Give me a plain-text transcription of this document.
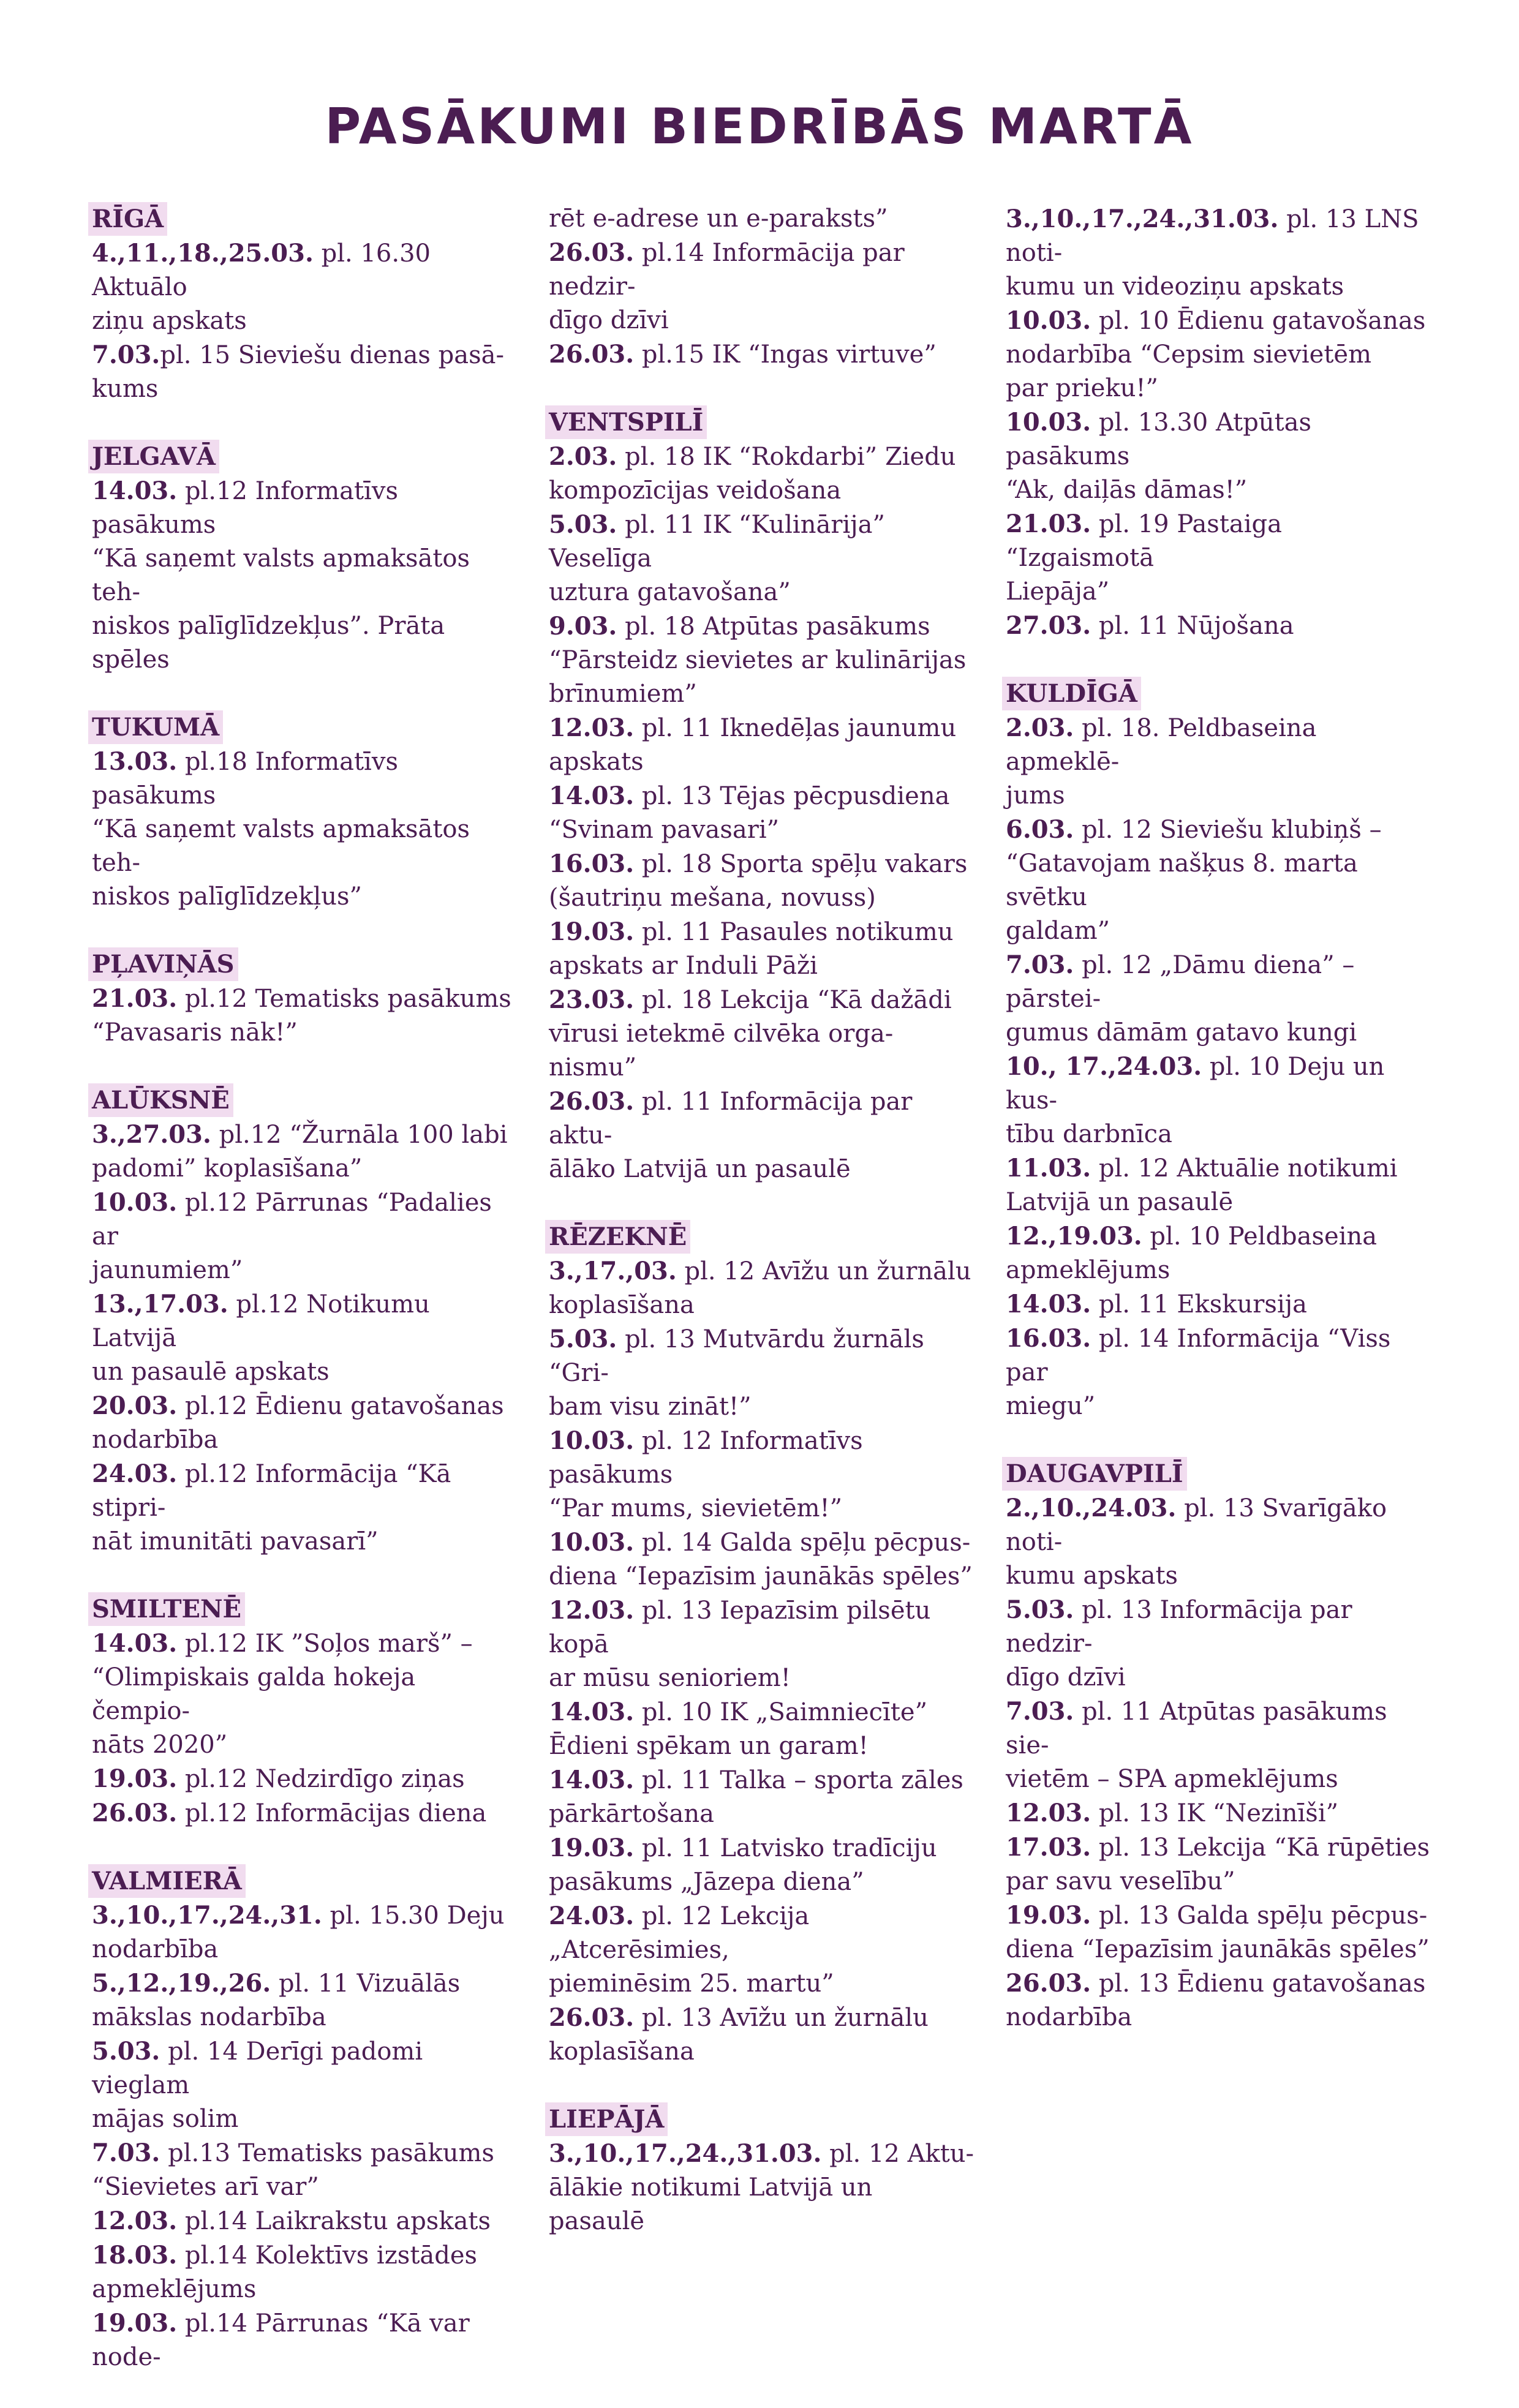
PASĀKUMI BIEDRĪBĀS MARTĀ
RĪGĀ
4.,11.,18.,25.03. pl. 16.30 Aktuālo
ziņu apskats
7.03.pl. 15 Sieviešu dienas pasā-
kums
JELGAVĀ
14.03. pl.12 Informatīvs pasākums
“Kā saņemt valsts apmaksātos teh-
niskos palīglīdzekļus”. Prāta spēles
TUKUMĀ
13.03. pl.18 Informatīvs pasākums
“Kā saņemt valsts apmaksātos teh-
niskos palīglīdzekļus”
PĻAVIŅĀS
21.03. pl.12 Tematisks pasākums
“Pavasaris nāk!”
ALŪKSNĒ
3.,27.03. pl.12 “Žurnāla 100 labi
padomi” koplasīšana”
10.03. pl.12 Pārrunas “Padalies ar
jaunumiem”
13.,17.03. pl.12 Notikumu Latvijā
un pasaulē apskats
20.03. pl.12 Ēdienu gatavošanas
nodarbība
24.03. pl.12 Informācija “Kā stipri-
nāt imunitāti pavasarī”
SMILTENĒ
14.03. pl.12 IK ”Soļos marš” –
“Olimpiskais galda hokeja čempio-
nāts 2020”
19.03. pl.12 Nedzirdīgo ziņas
26.03. pl.12 Informācijas diena
VALMIERĀ
3.,10.,17.,24.,31. pl. 15.30 Deju
nodarbība
5.,12.,19.,26. pl. 11 Vizuālās
mākslas nodarbība
5.03. pl. 14 Derīgi padomi vieglam
mājas solim
7.03. pl.13 Tematisks pasākums
“Sievietes arī var”
12.03. pl.14 Laikrakstu apskats
18.03. pl.14 Kolektīvs izstādes
apmeklējums
19.03. pl.14 Pārrunas “Kā var node-
rēt e-adrese un e-paraksts”
26.03. pl.14 Informācija par nedzir-
dīgo dzīvi
26.03. pl.15 IK “Ingas virtuve”
VENTSPILĪ
2.03. pl. 18 IK “Rokdarbi” Ziedu
kompozīcijas veidošana
5.03. pl. 11 IK “Kulinārija” Veselīga
uztura gatavošana”
9.03. pl. 18 Atpūtas pasākums
“Pārsteidz sievietes ar kulinārijas
brīnumiem”
12.03. pl. 11 Iknedēļas jaunumu
apskats
14.03. pl. 13 Tējas pēcpusdiena
“Svinam pavasari”
16.03. pl. 18 Sporta spēļu vakars
(šautriņu mešana, novuss)
19.03. pl. 11 Pasaules notikumu
apskats ar Induli Pāži
23.03. pl. 18 Lekcija “Kā dažādi
vīrusi ietekmē cilvēka orga-
nismu”
26.03. pl. 11 Informācija par aktu-
ālāko Latvijā un pasaulē
RĒZEKNĒ
3.,17.,03. pl. 12 Avīžu un žurnālu
koplasīšana
5.03. pl. 13 Mutvārdu žurnāls “Gri-
bam visu zināt!”
10.03. pl. 12 Informatīvs pasākums
“Par mums, sievietēm!”
10.03. pl. 14 Galda spēļu pēcpus-
diena “Iepazīsim jaunākās spēles”
12.03. pl. 13 Iepazīsim pilsētu kopā
ar mūsu senioriem!
14.03. pl. 10 IK „Saimniecīte”
Ēdieni spēkam un garam!
14.03. pl. 11 Talka – sporta zāles
pārkārtošana
19.03. pl. 11 Latvisko tradīciju
pasākums „Jāzepa diena”
24.03. pl. 12 Lekcija „Atcerēsimies,
pieminēsim 25. martu”
26.03. pl. 13 Avīžu un žurnālu
koplasīšana
LIEPĀJĀ
3.,10.,17.,24.,31.03. pl. 12 Aktu-
ālākie notikumi Latvijā un
pasaulē
3.,10.,17.,24.,31.03. pl. 13 LNS noti-
kumu un videoziņu apskats
10.03. pl. 10 Ēdienu gatavošanas
nodarbība “Cepsim sievietēm
par prieku!”
10.03. pl. 13.30 Atpūtas pasākums
“Ak, daiļās dāmas!”
21.03. pl. 19 Pastaiga “Izgaismotā
Liepāja”
27.03. pl. 11 Nūjošana
KULDĪGĀ
2.03. pl. 18. Peldbaseina apmeklē-
jums
6.03. pl. 12 Sieviešu klubiņš –
“Gatavojam našķus 8. marta svētku
galdam”
7.03. pl. 12 „Dāmu diena” – pārstei-
gumus dāmām gatavo kungi
10., 17.,24.03. pl. 10 Deju un kus-
tību darbnīca
11.03. pl. 12 Aktuālie notikumi
Latvijā un pasaulē
12.,19.03. pl. 10 Peldbaseina
apmeklējums
14.03. pl. 11 Ekskursija
16.03. pl. 14 Informācija “Viss par
miegu”
DAUGAVPILĪ
2.,10.,24.03. pl. 13 Svarīgāko noti-
kumu apskats
5.03. pl. 13 Informācija par nedzir-
dīgo dzīvi
7.03. pl. 11 Atpūtas pasākums sie-
vietēm – SPA apmeklējums
12.03. pl. 13 IK “Nezinīši”
17.03. pl. 13 Lekcija “Kā rūpēties
par savu veselību”
19.03. pl. 13 Galda spēļu pēcpus-
diena “Iepazīsim jaunākās spēles”
26.03. pl. 13 Ēdienu gatavošanas
nodarbība
